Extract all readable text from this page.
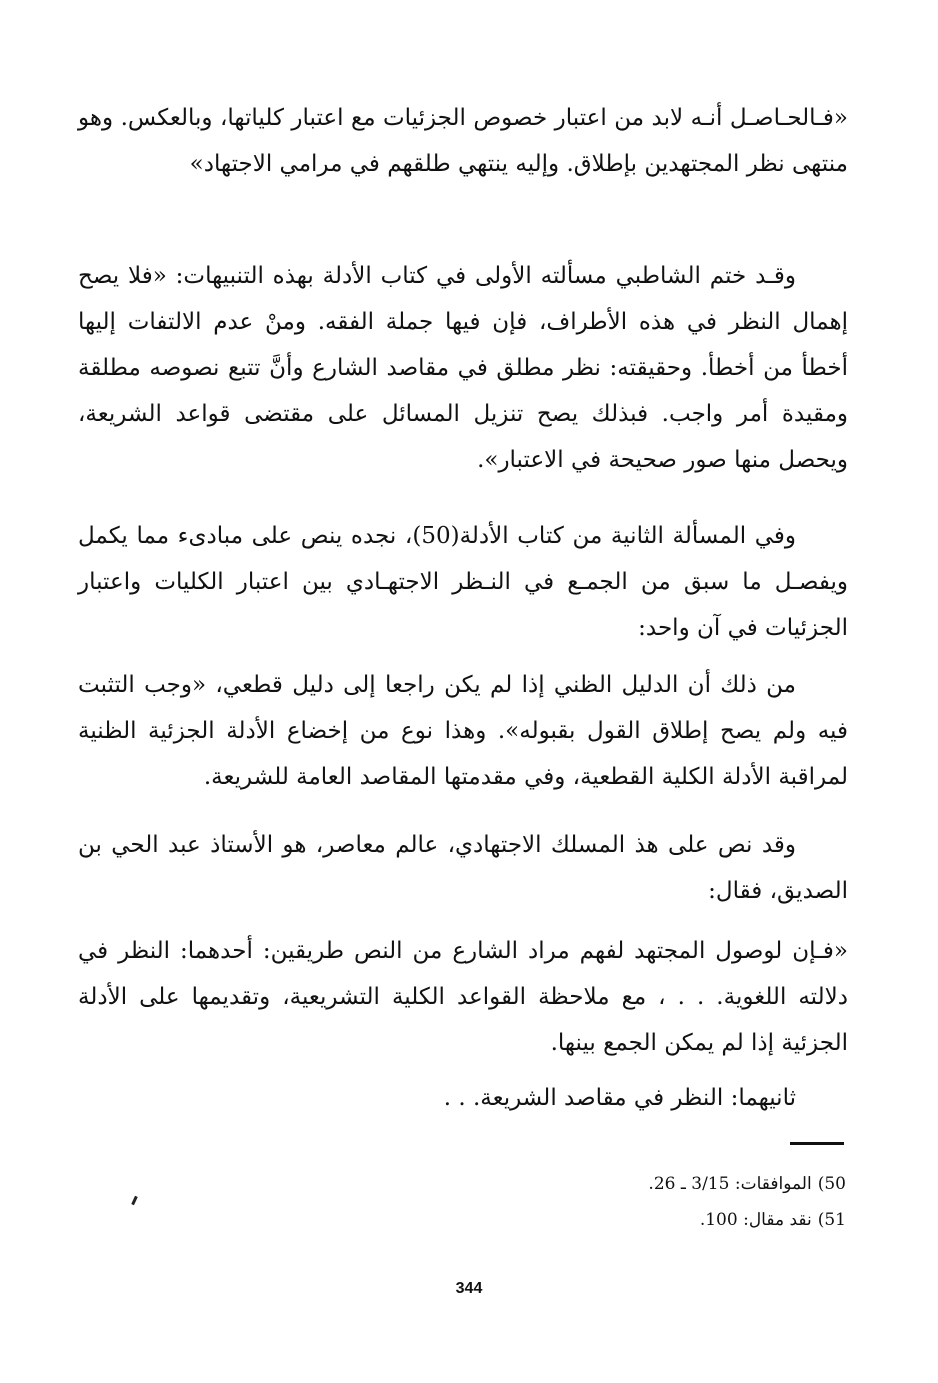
«فـالحـاصـل أنـه لابد من اعتبار خصوص الجزئيات مع اعتبار كلياتها، وبالعكس. وهو منتهى نظر المجتهدين بإطلاق. وإليه ينتهي طلقهم في مرامي الاجتهاد»

وقـد ختم الشاطبي مسألته الأولى في كتاب الأدلة بهذه التنبيهات: «فلا يصح إهمال النظر في هذه الأطراف، فإن فيها جملة الفقه. ومنْ عدم الالتفات إليها أخطأ من أخطأ. وحقيقته: نظر مطلق في مقاصد الشارع وأنَّ تتبع نصوصه مطلقة ومقيدة أمر واجب. فبذلك يصح تنزيل المسائل على مقتضى قواعد الشريعة، ويحصل منها صور صحيحة في الاعتبار».

وفي المسألة الثانية من كتاب الأدلة(50)، نجده ينص على مبادىء مما يكمل ويفصـل ما سبق من الجمـع في النـظر الاجتهـادي بين اعتبار الكليات واعتبار الجزئيات في آن واحد:

من ذلك أن الدليل الظني إذا لم يكن راجعا إلى دليل قطعي، «وجب التثبت فيه ولم يصح إطلاق القول بقبوله». وهذا نوع من إخضاع الأدلة الجزئية الظنية لمراقبة الأدلة الكلية القطعية، وفي مقدمتها المقاصد العامة للشريعة.

وقد نص على هذ المسلك الاجتهادي، عالم معاصر، هو الأستاذ عبد الحي بن الصديق، فقال:

«فـإن لوصول المجتهد لفهم مراد الشارع من النص طريقين: أحدهما: النظر في دلالته اللغوية. . . ، مع ملاحظة القواعد الكلية التشريعية، وتقديمها على الأدلة الجزئية إذا لم يمكن الجمع بينها.

ثانيهما: النظر في مقاصد الشريعة. . .

50)الموافقات: 3/15 ـ 26.
51)نقد مقال: 100.
344
